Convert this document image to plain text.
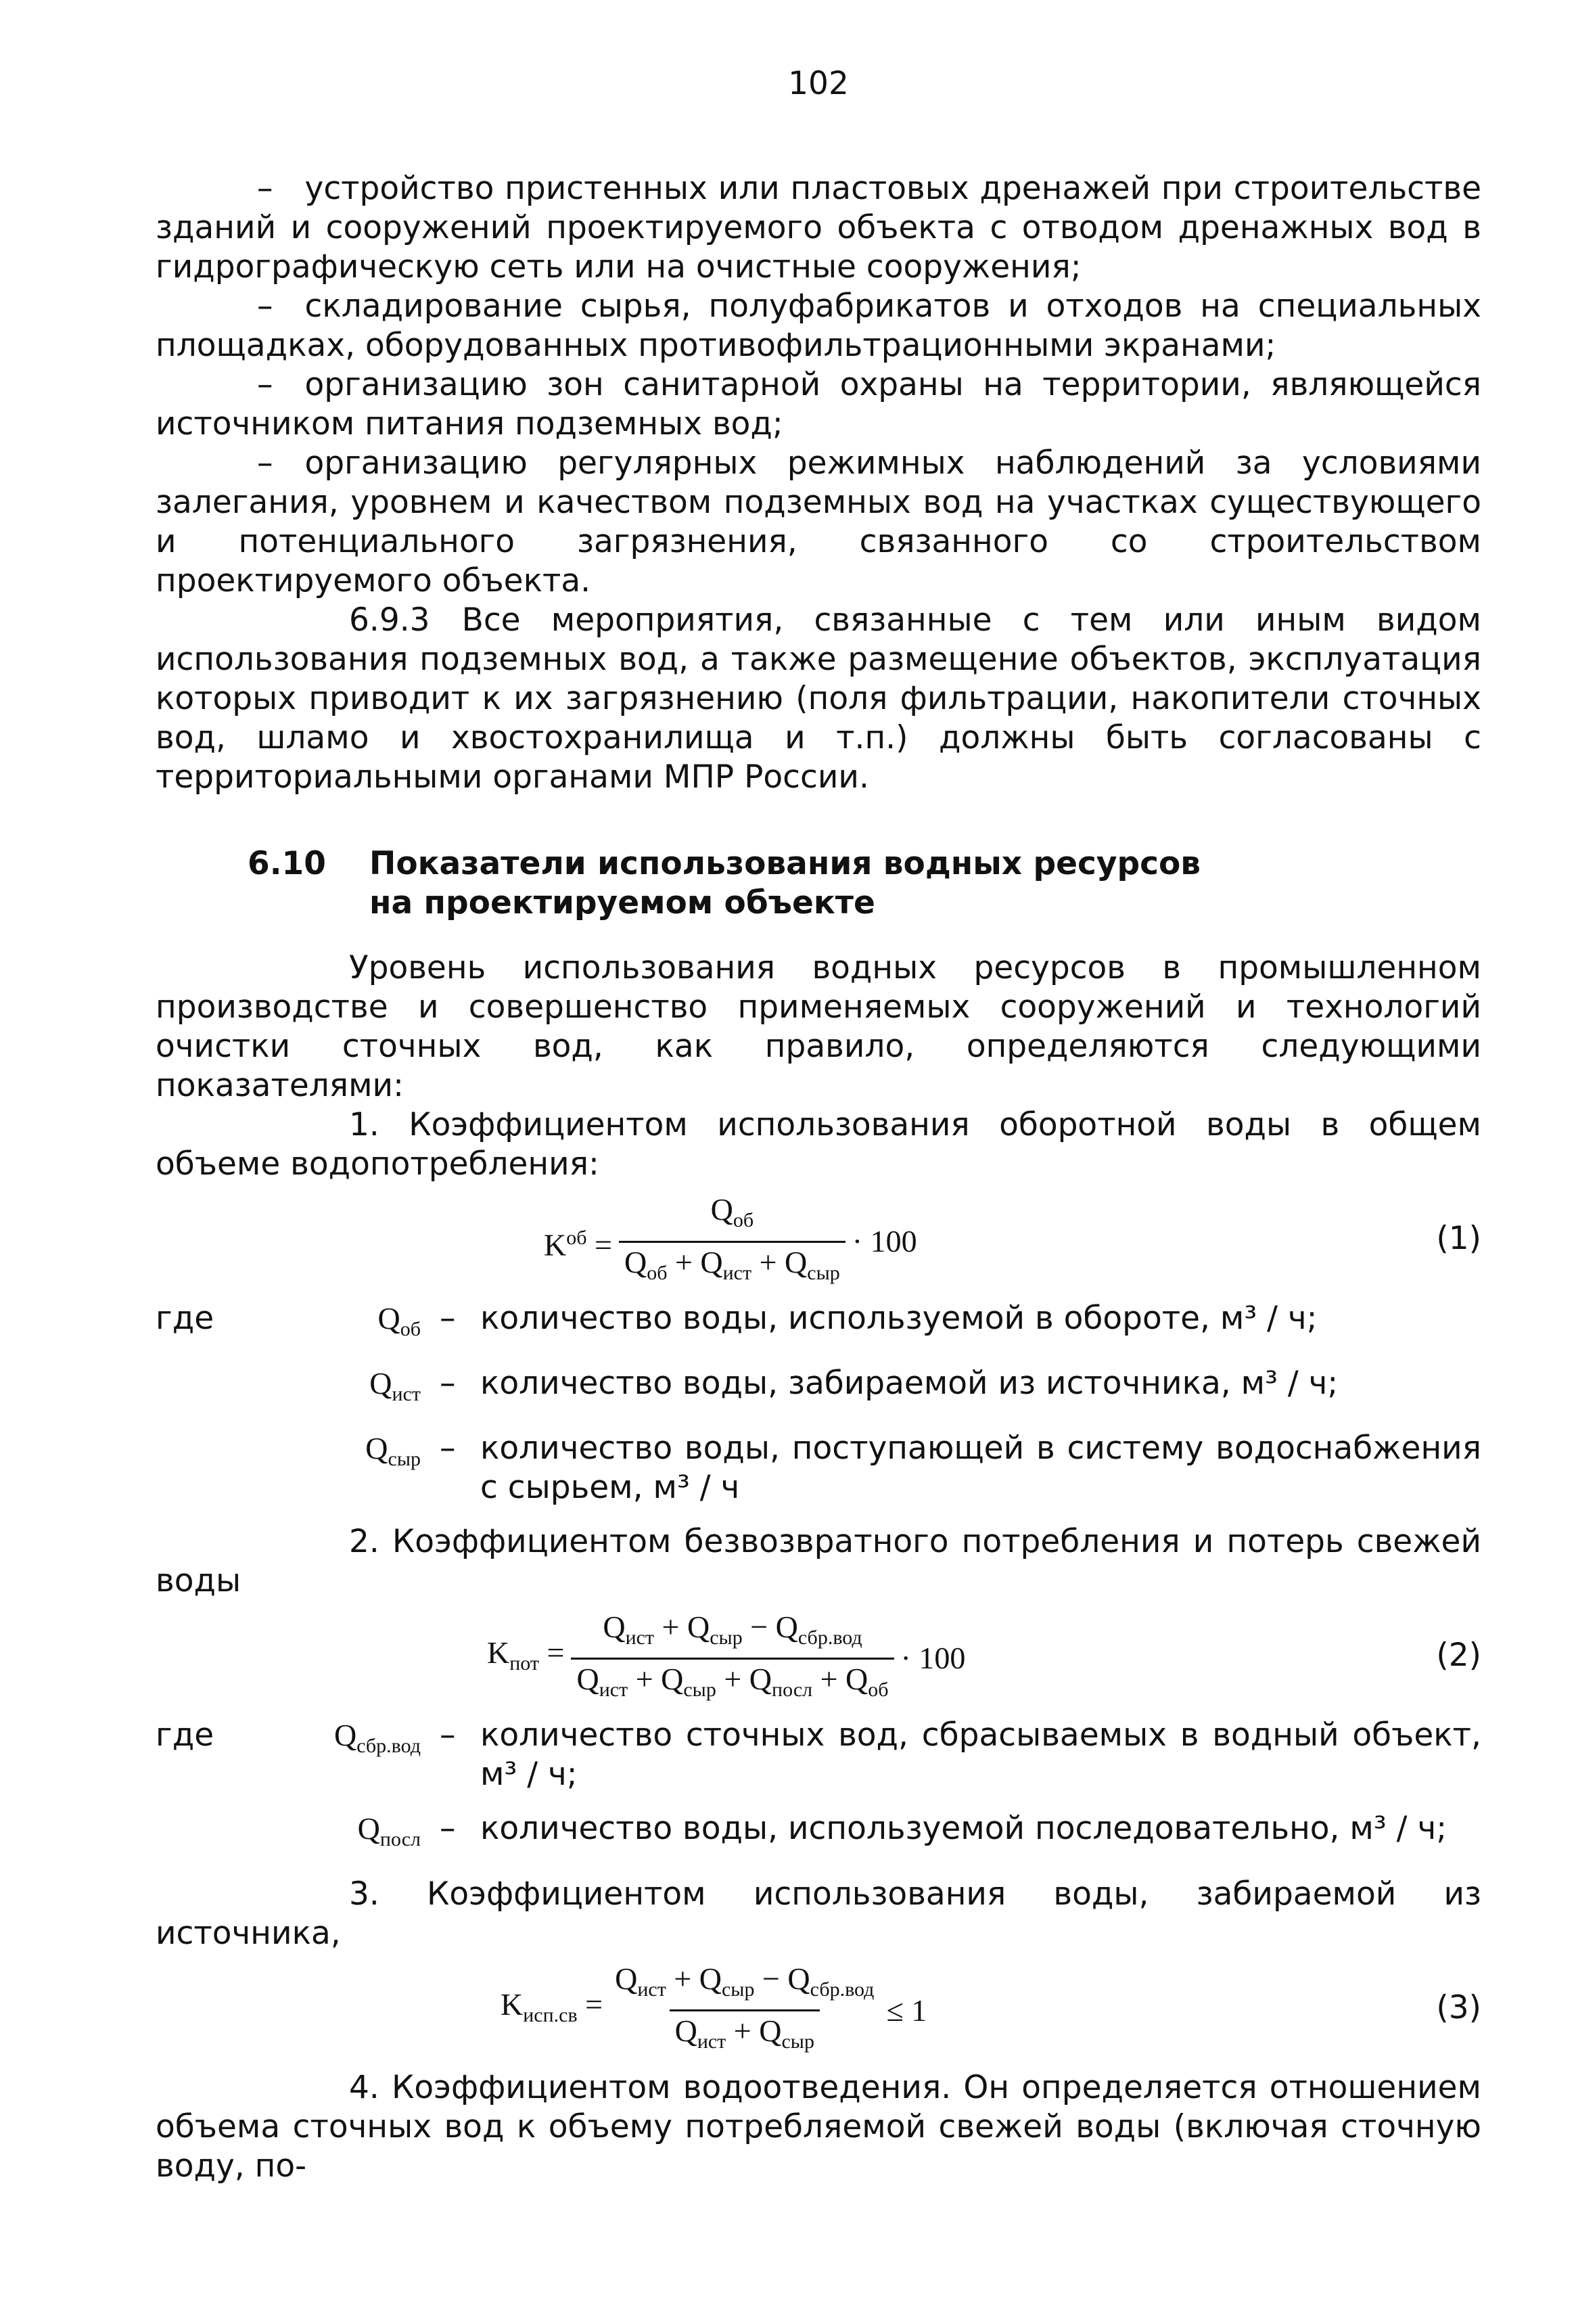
102

– устройство пристенных или пластовых дренажей при строительстве зданий и сооружений проектируемого объекта с отводом дренажных вод в гидрографическую сеть или на очистные сооружения;

– складирование сырья, полуфабрикатов и отходов на специальных площадках, оборудованных противофильтрационными экранами;

– организацию зон санитарной охраны на территории, являющейся источником питания подземных вод;

– организацию регулярных режимных наблюдений за условиями залегания, уровнем и качеством подземных вод на участках существующего и потенциального загрязнения, связанного со строительством проектируемого объекта.

6.9.3 Все мероприятия, связанные с тем или иным видом использования подземных вод, а также размещение объектов, эксплуатация которых приводит к их загрязнению (поля фильтрации, накопители сточных вод, шламо и хвостохранилища и т.п.) должны быть согласованы с территориальными органами МПР России.

6.10	Показатели использования водных ресурсов на проектируемом объекте

Уровень использования водных ресурсов в промышленном производстве и совершенство применяемых сооружений и технологий очистки сточных вод, как правило, определяются следующими показателями:

1. Коэффициентом использования оборотной воды в общем объеме водопотребления:

$K^{об} = \frac{Q_{об}}{Q_{об} + Q_{ист} + Q_{сыр}} \cdot 100$	(1)
где	$Q_{об}$ – количество воды, используемой в обороте, м³ / ч;
$Q_{ист}$ – количество воды, забираемой из источника, м³ / ч;
$Q_{сыр}$ – количество воды, поступающей в систему водоснабжения с сырьем, м³ / ч

2. Коэффициентом безвозвратного потребления и потерь свежей воды

$K_{пот} = \frac{Q_{ист} + Q_{сыр} - Q_{сбр.вод}}{Q_{ист} + Q_{сыр} + Q_{посл} + Q_{об}} \cdot 100$	(2)
где	$Q_{сбр.вод}$ – количество сточных вод, сбрасываемых в водный объект, м³ / ч;
$Q_{посл}$ – количество воды, используемой последовательно, м³ / ч;

3. Коэффициентом использования воды, забираемой из источника,

$K_{исп.св} = \frac{Q_{ист} + Q_{сыр} - Q_{сбр.вод}}{Q_{ист} + Q_{сыр}} \le 1$	(3)

4. Коэффициентом водоотведения. Он определяется отношением объема сточных вод к объему потребляемой свежей воды (включая сточную воду, по-
